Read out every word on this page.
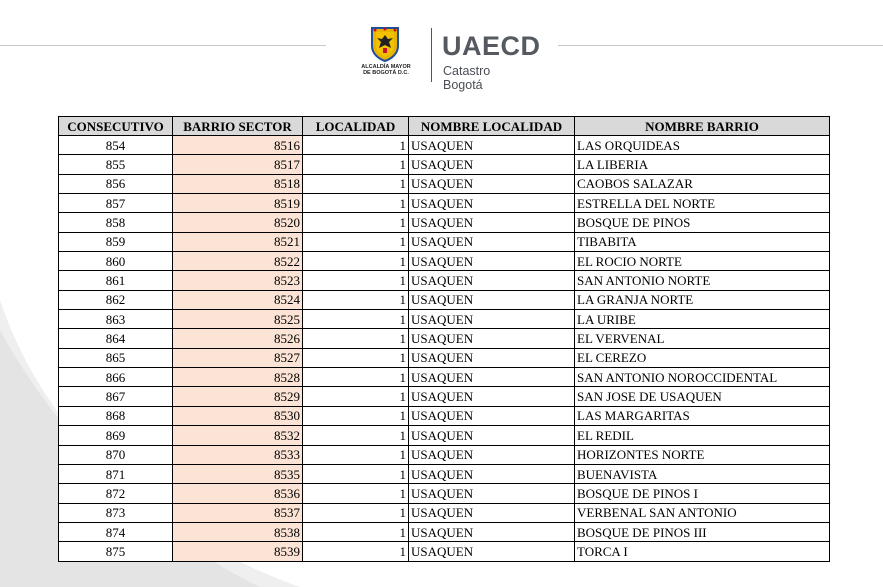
ALCALDÍA MAYOR
DE BOGOTÁ D.C.
UAECD
Catastro Bogotá
CONSECUTIVO	BARRIO SECTOR	LOCALIDAD	NOMBRE LOCALIDAD	NOMBRE BARRIO
854	8516	1	USAQUEN	LAS ORQUIDEAS
855	8517	1	USAQUEN	LA LIBERIA
856	8518	1	USAQUEN	CAOBOS SALAZAR
857	8519	1	USAQUEN	ESTRELLA DEL NORTE
858	8520	1	USAQUEN	BOSQUE DE PINOS
859	8521	1	USAQUEN	TIBABITA
860	8522	1	USAQUEN	EL ROCIO NORTE
861	8523	1	USAQUEN	SAN ANTONIO NORTE
862	8524	1	USAQUEN	LA GRANJA NORTE
863	8525	1	USAQUEN	LA URIBE
864	8526	1	USAQUEN	EL VERVENAL
865	8527	1	USAQUEN	EL CEREZO
866	8528	1	USAQUEN	SAN ANTONIO NOROCCIDENTAL
867	8529	1	USAQUEN	SAN JOSE DE USAQUEN
868	8530	1	USAQUEN	LAS MARGARITAS
869	8532	1	USAQUEN	EL REDIL
870	8533	1	USAQUEN	HORIZONTES NORTE
871	8535	1	USAQUEN	BUENAVISTA
872	8536	1	USAQUEN	BOSQUE DE PINOS I
873	8537	1	USAQUEN	VERBENAL SAN ANTONIO
874	8538	1	USAQUEN	BOSQUE DE PINOS III
875	8539	1	USAQUEN	TORCA I
